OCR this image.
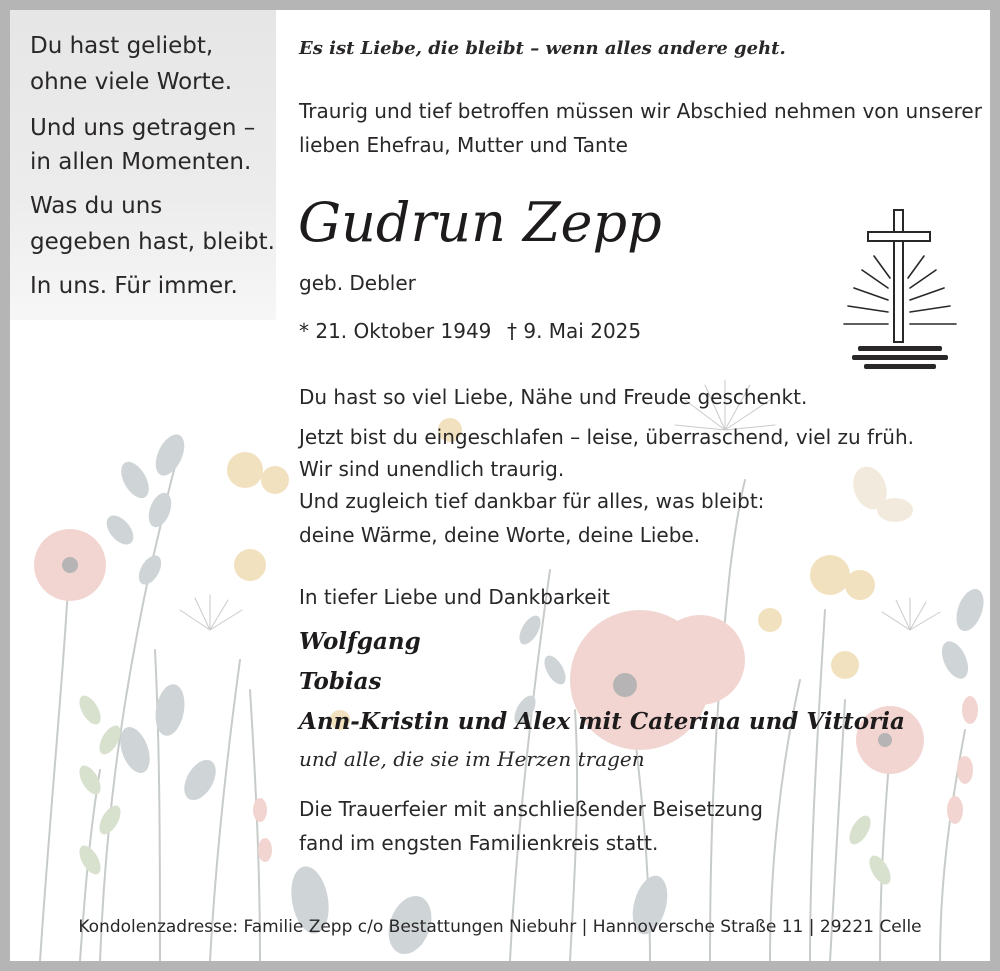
Du hast geliebt,
ohne viele Worte.
Und uns getragen –
in allen Momenten.
Was du uns
gegeben hast, bleibt.
In uns. Für immer.
Es ist Liebe, die bleibt – wenn alles andere geht.
Traurig und tief betroffen müssen wir Abschied nehmen von unserer
lieben Ehefrau, Mutter und Tante
Gudrun Zepp
geb. Debler
* 21. Oktober 1949 † 9. Mai 2025
Du hast so viel Liebe, Nähe und Freude geschenkt.
Jetzt bist du eingeschlafen – leise, überraschend, viel zu früh.
Wir sind unendlich traurig.
Und zugleich tief dankbar für alles, was bleibt:
deine Wärme, deine Worte, deine Liebe.
In tiefer Liebe und Dankbarkeit
Wolfgang
Tobias
Ann-Kristin und Alex mit Caterina und Vittoria
und alle, die sie im Herzen tragen
Die Trauerfeier mit anschließender Beisetzung
fand im engsten Familienkreis statt.
Kondolenzadresse: Familie Zepp c/o Bestattungen Niebuhr | Hannoversche Straße 11 | 29221 Celle
